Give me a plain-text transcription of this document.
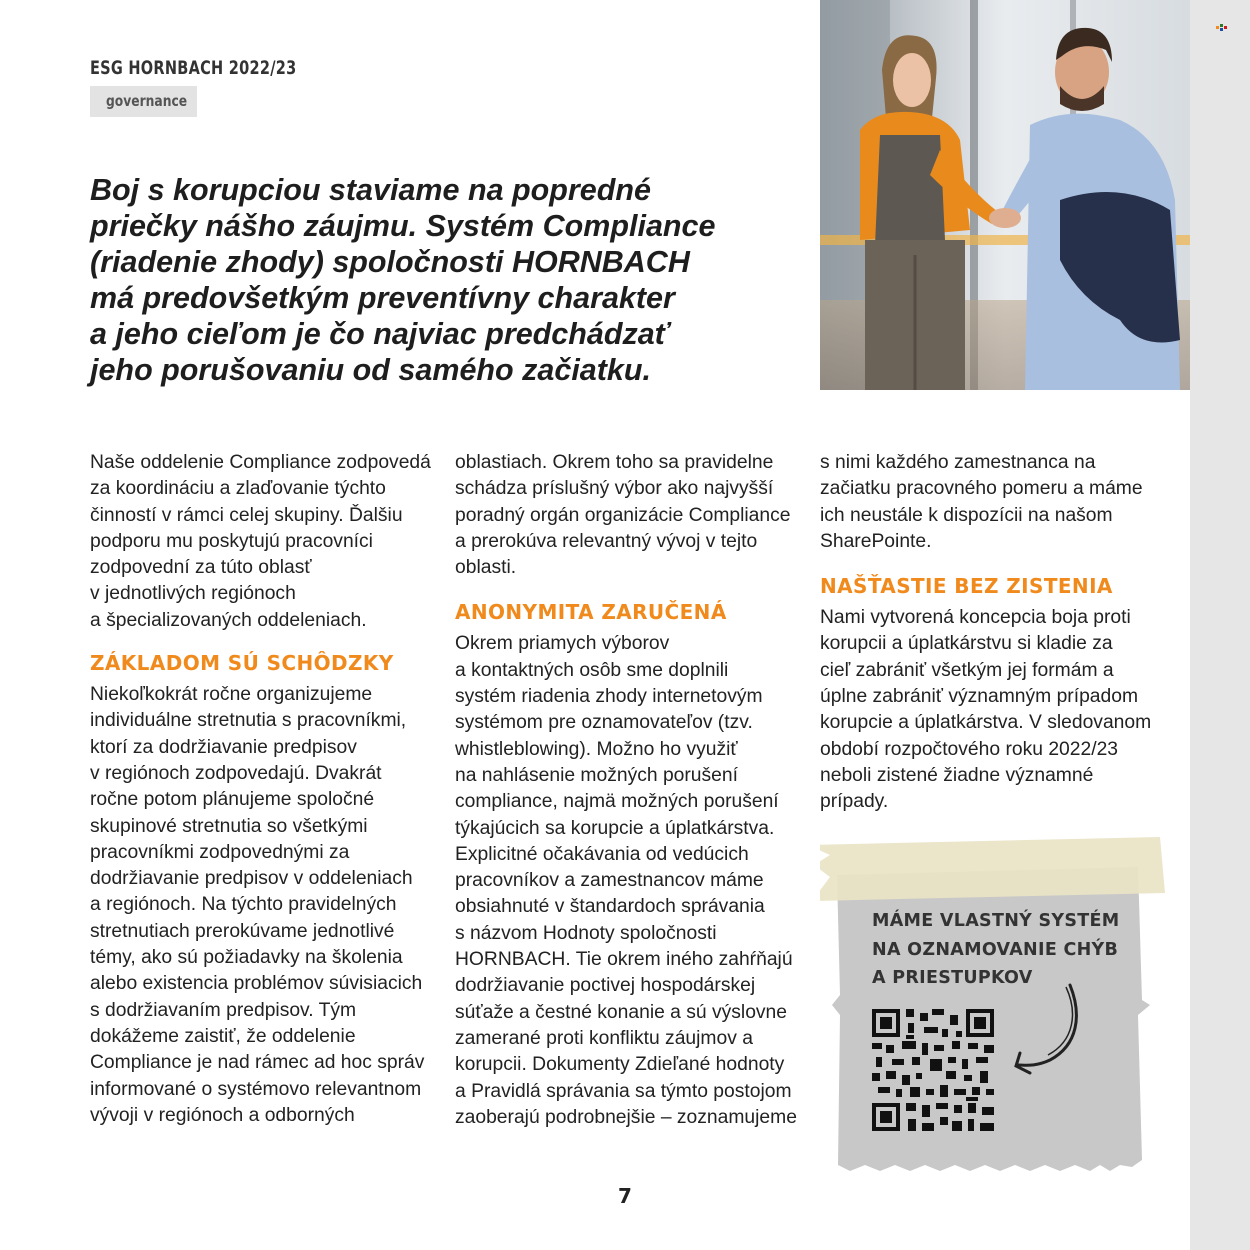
ESG HORNBACH 2022/23
governance
Boj s korupciou staviame na popredné
priečky nášho záujmu. Systém Compliance
(riadenie zhody) spoločnosti HORNBACH
má predovšetkým preventívny charakter
a jeho cieľom je čo najviac predchádzať
jeho porušovaniu od samého začiatku.
Naše oddelenie Compliance zodpovedá
za koordináciu a zlaďovanie týchto
činností v rámci celej skupiny. Ďalšiu
podporu mu poskytujú pracovníci
zodpovední za túto oblasť
v jednotlivých regiónoch
a špecializovaných oddeleniach.
ZÁKLADOM SÚ SCHÔDZKY
Niekoľkokrát ročne organizujeme
individuálne stretnutia s pracovníkmi,
ktorí za dodržiavanie predpisov
v regiónoch zodpovedajú. Dvakrát
ročne potom plánujeme spoločné
skupinové stretnutia so všetkými
pracovníkmi zodpovednými za
dodržiavanie predpisov v oddeleniach
a regiónoch. Na týchto pravidelných
stretnutiach prerokúvame jednotlivé
témy, ako sú požiadavky na školenia
alebo existencia problémov súvisiacich
s dodržiavaním predpisov. Tým
dokážeme zaistiť, že oddelenie
Compliance je nad rámec ad hoc správ
informované o systémovo relevantnom
vývoji v regiónoch a odborných
oblastiach. Okrem toho sa pravidelne
schádza príslušný výbor ako najvyšší
poradný orgán organizácie Compliance
a prerokúva relevantný vývoj v tejto
oblasti.
ANONYMITA ZARUČENÁ
Okrem priamych výborov
a kontaktných osôb sme doplnili
systém riadenia zhody internetovým
systémom pre oznamovateľov (tzv.
whistleblowing). Možno ho využiť
na nahlásenie možných porušení
compliance, najmä možných porušení
týkajúcich sa korupcie a úplatkárstva.
Explicitné očakávania od vedúcich
pracovníkov a zamestnancov máme
obsiahnuté v štandardoch správania
s názvom Hodnoty spoločnosti
HORNBACH. Tie okrem iného zahŕňajú
dodržiavanie poctivej hospodárskej
súťaže a čestné konanie a sú výslovne
zamerané proti konfliktu záujmov a
korupcii. Dokumenty Zdieľané hodnoty
a Pravidlá správania sa týmto postojom
zaoberajú podrobnejšie – zoznamujeme
s nimi každého zamestnanca na
začiatku pracovného pomeru a máme
ich neustále k dispozícii na našom
SharePointe.
NAŠŤASTIE BEZ ZISTENIA
Nami vytvorená koncepcia boja proti
korupcii a úplatkárstvu si kladie za
cieľ zabrániť všetkým jej formám a
úplne zabrániť významným prípadom
korupcie a úplatkárstva. V sledovanom
období rozpočtového roku 2022/23
neboli zistené žiadne významné
prípady.
MÁME VLASTNÝ SYSTÉM
NA OZNAMOVANIE CHÝB
A PRIESTUPKOV
7
